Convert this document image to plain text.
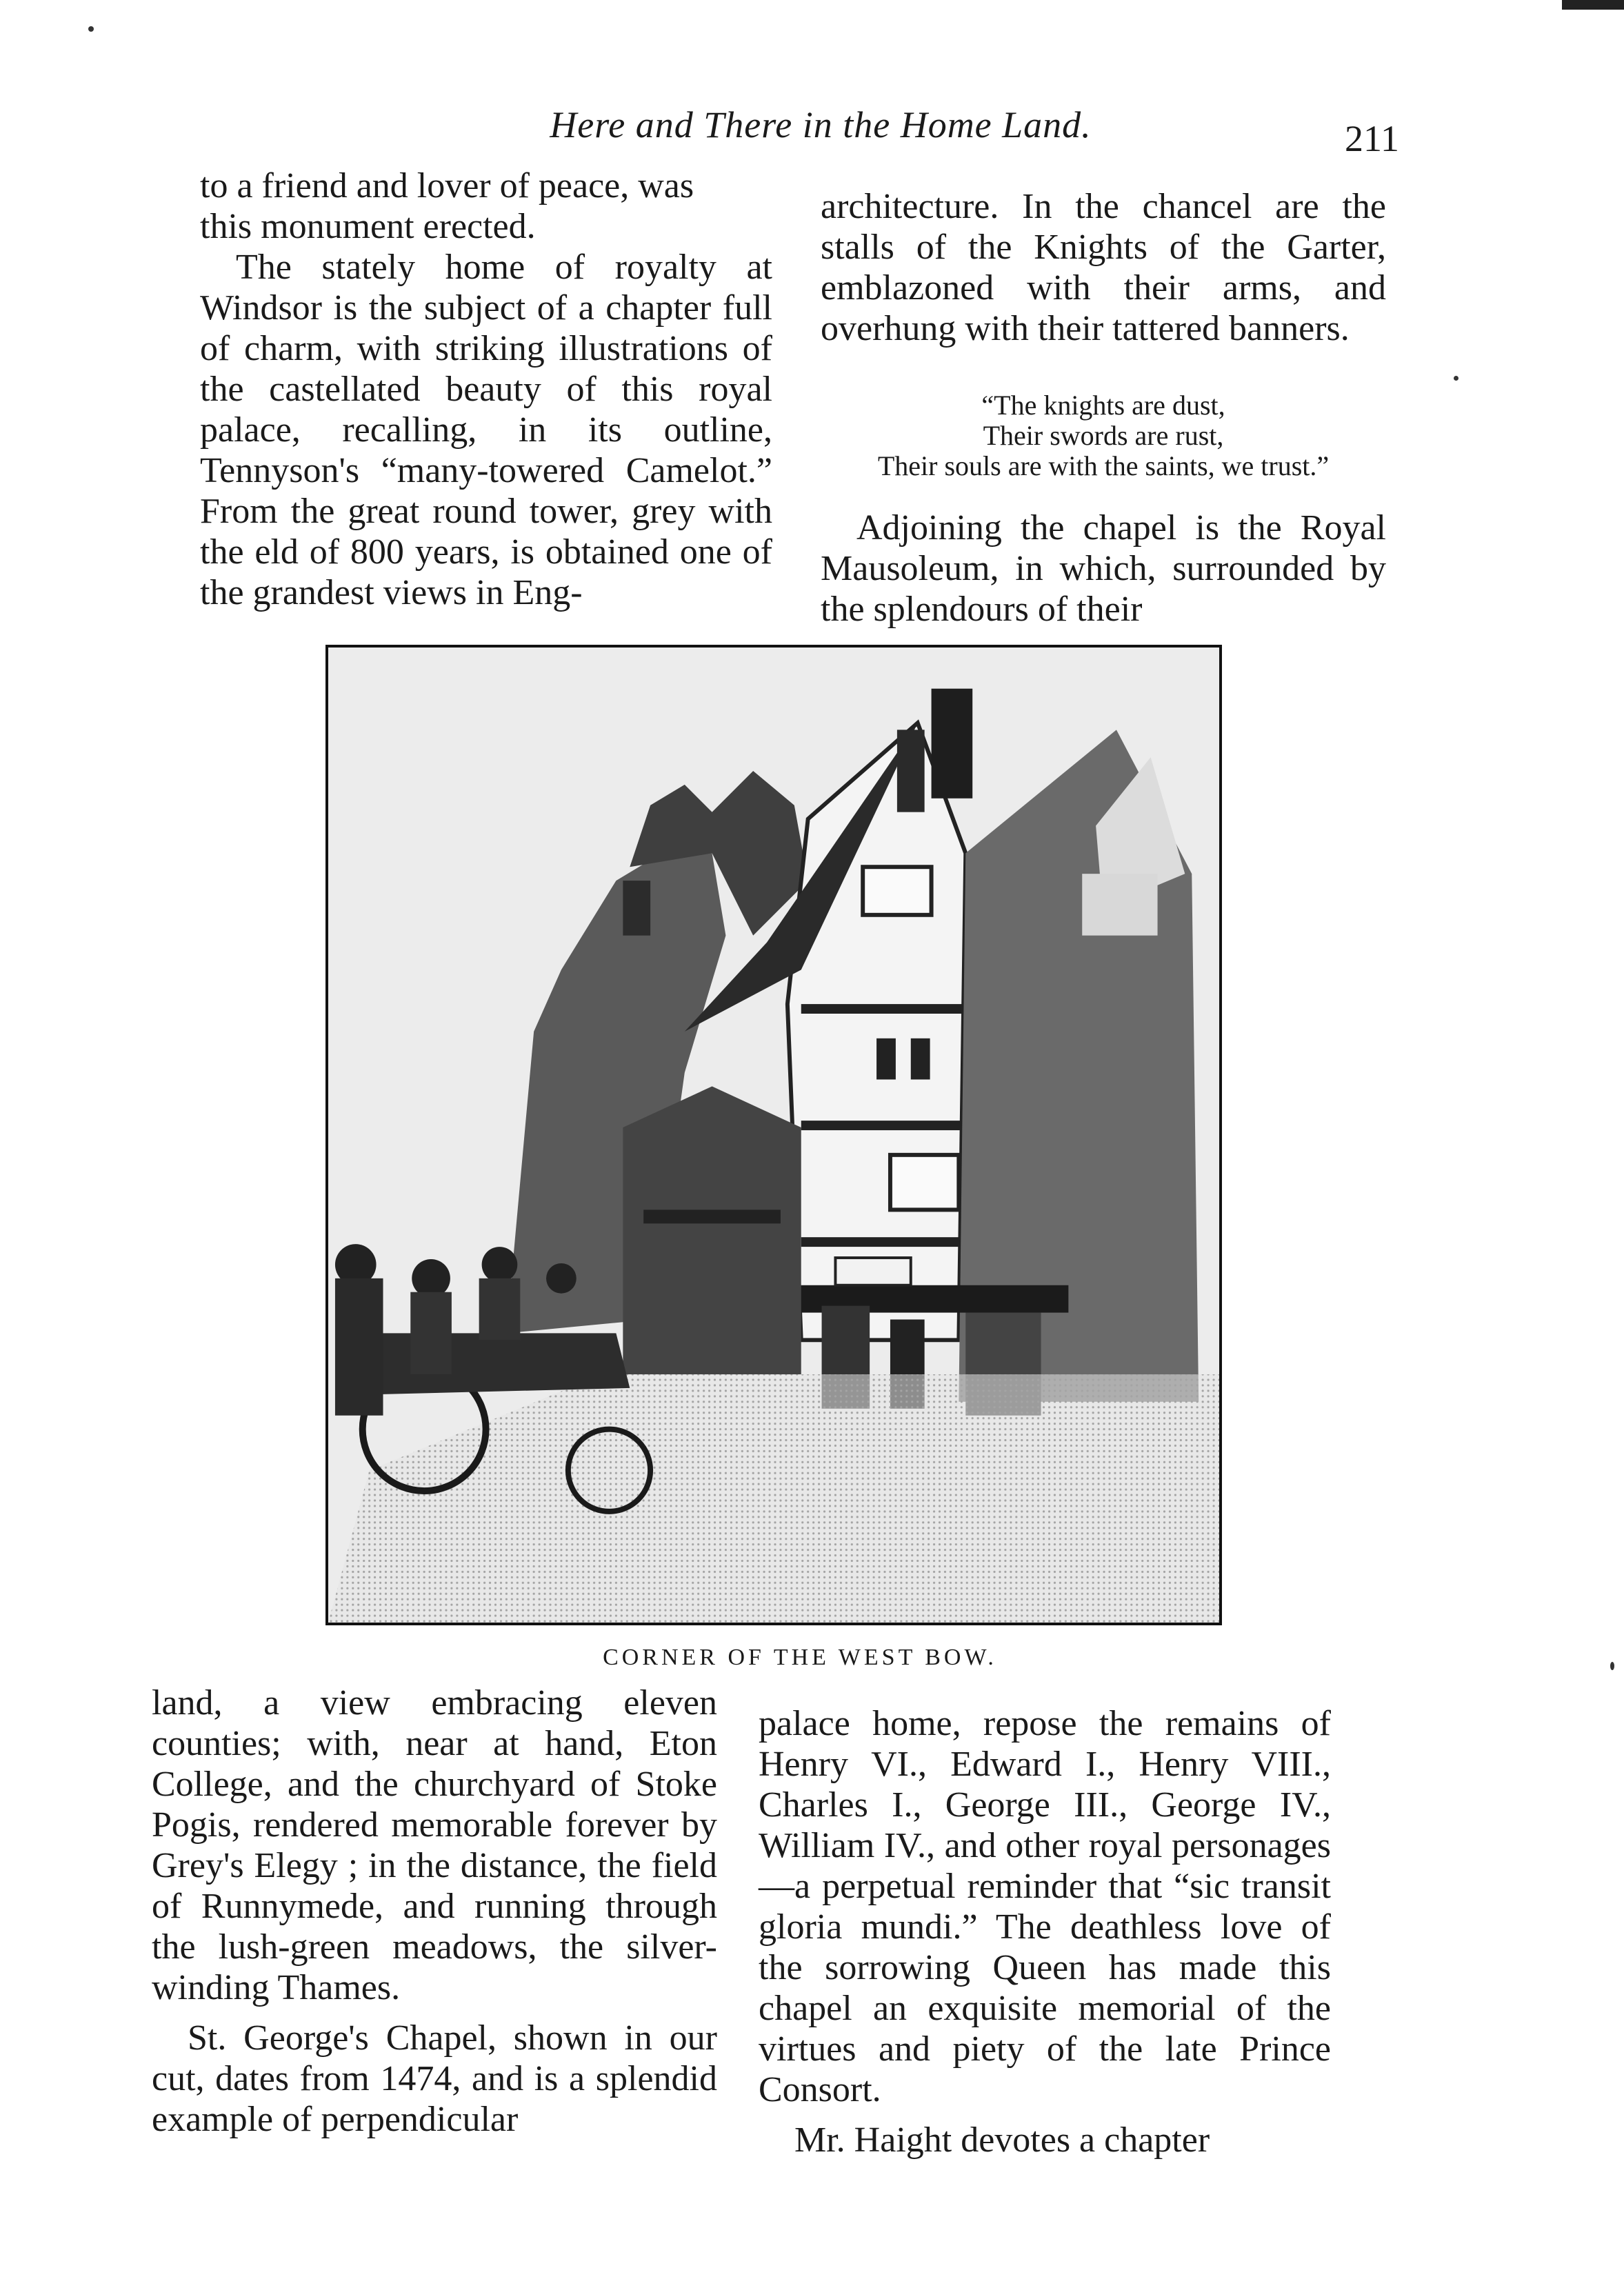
Here and There in the Home Land.	211

to a friend and lover of peace, was

this monument erected.

The stately home of royalty at Windsor is the subject of a chapter full of charm, with striking illustrations of the castellated beauty of this royal palace, recalling, in its outline, Tennyson's “many-towered Camelot.” From the great round tower, grey with the eld of 800 years, is obtained one of the grandest views in Eng-

architecture. In the chancel are the stalls of the Knights of the Garter, emblazoned with their arms, and overhung with their tattered banners.

“The knights are dust,
Their swords are rust,
Their souls are with the saints, we trust.”

Adjoining the chapel is the Royal Mausoleum, in which, surrounded by the splendours of their

CORNER OF THE WEST BOW.

land, a view embracing eleven counties; with, near at hand, Eton College, and the churchyard of Stoke Pogis, rendered memorable forever by Grey's Elegy ; in the distance, the field of Runnymede, and running through the lush-green meadows, the silver-winding Thames.

St. George's Chapel, shown in our cut, dates from 1474, and is a splendid example of perpendicular

palace home, repose the remains of Henry VI., Edward I., Henry VIII., Charles I., George III., George IV., William IV., and other royal personages—a perpetual reminder that “sic transit gloria mundi.” The deathless love of the sorrowing Queen has made this chapel an exquisite memorial of the virtues and piety of the late Prince Consort.

Mr. Haight devotes a chapter
